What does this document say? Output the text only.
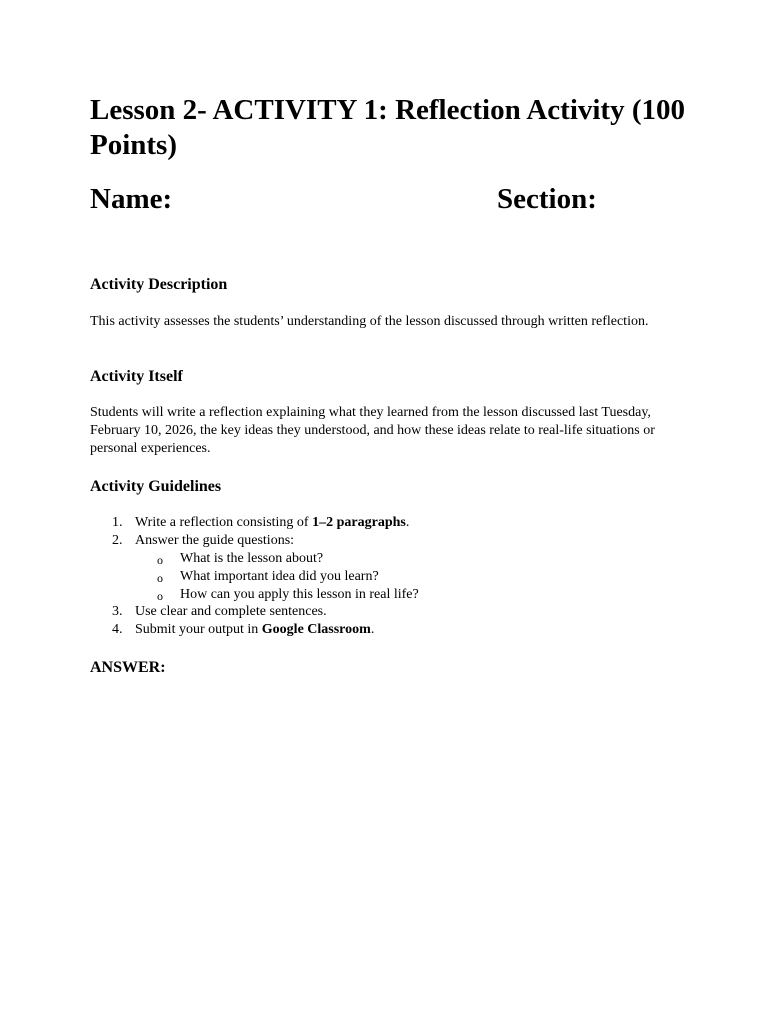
Lesson 2- ACTIVITY 1: Reflection Activity (100 Points)
Name:	Section:
Activity Description

This activity assesses the students’ understanding of the lesson discussed through written reflection.

Activity Itself

Students will write a reflection explaining what they learned from the lesson discussed last Tuesday, February 10, 2026, the key ideas they understood, and how these ideas relate to real-life situations or personal experiences.

Activity Guidelines
1. Write a reflection consisting of 1–2 paragraphs.
2. Answer the guide questions:
o What is the lesson about?
o What important idea did you learn?
o How can you apply this lesson in real life?
3. Use clear and complete sentences.
4. Submit your output in Google Classroom.
ANSWER:
